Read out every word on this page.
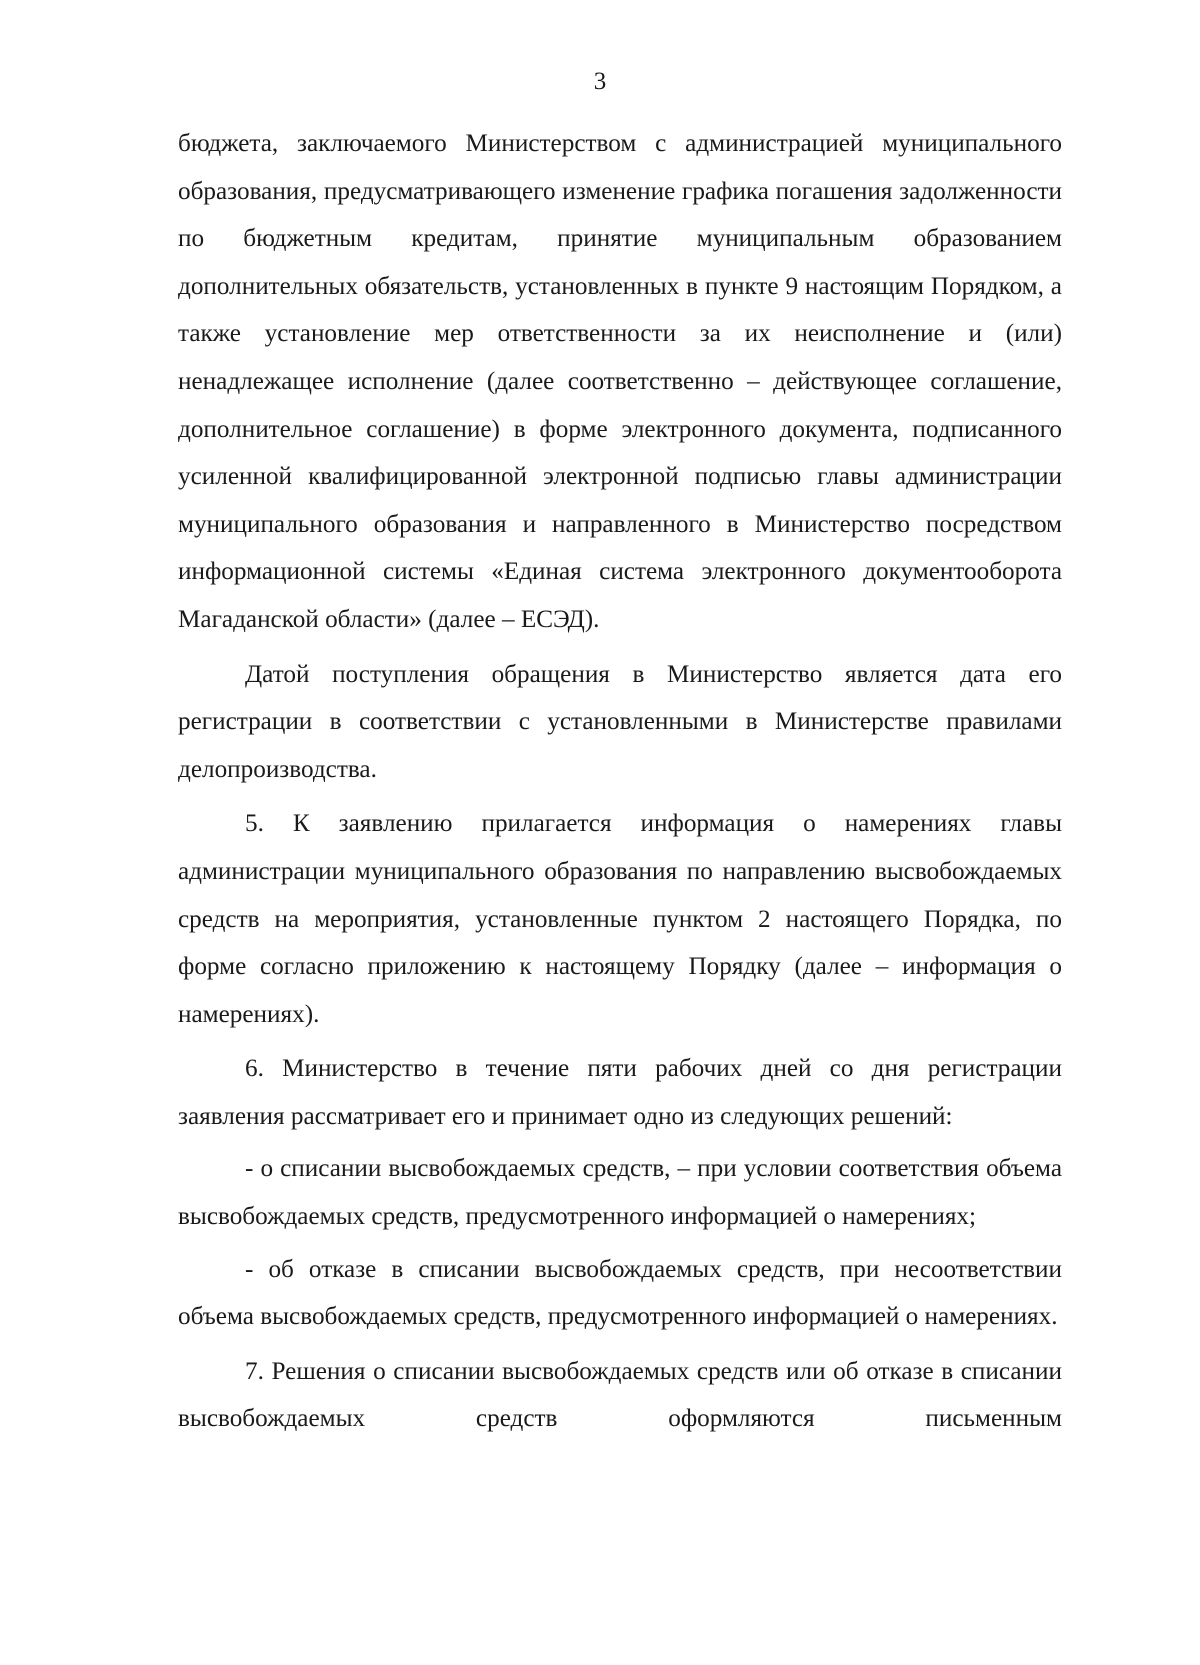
3

бюджета, заключаемого Министерством с администрацией муниципального образования, предусматривающего изменение графика погашения задолженности по бюджетным кредитам, принятие муниципальным образованием дополнительных обязательств, установленных в пункте 9 настоящим Порядком, а также установление мер ответственности за их неисполнение и (или) ненадлежащее исполнение (далее соответственно – действующее соглашение, дополнительное соглашение) в форме электронного документа, подписанного усиленной квалифицированной электронной подписью главы администрации муниципального образования и направленного в Министерство посредством информационной системы «Единая система электронного документооборота Магаданской области» (далее – ЕСЭД).

Датой поступления обращения в Министерство является дата его регистрации в соответствии с установленными в Министерстве правилами делопроизводства.

5. К заявлению прилагается информация о намерениях главы администрации муниципального образования по направлению высвобождаемых средств на мероприятия, установленные пунктом 2 настоящего Порядка, по форме согласно приложению к настоящему Порядку (далее – информация о намерениях).

6. Министерство в течение пяти рабочих дней со дня регистрации заявления рассматривает его и принимает одно из следующих решений:

- о списании высвобождаемых средств, – при условии соответствия объема высвобождаемых средств, предусмотренного информацией о намерениях;

- об отказе в списании высвобождаемых средств, при несоответствии объема высвобождаемых средств, предусмотренного информацией о намерениях.

7. Решения о списании высвобождаемых средств или об отказе в списании высвобождаемых средств оформляются письменным
